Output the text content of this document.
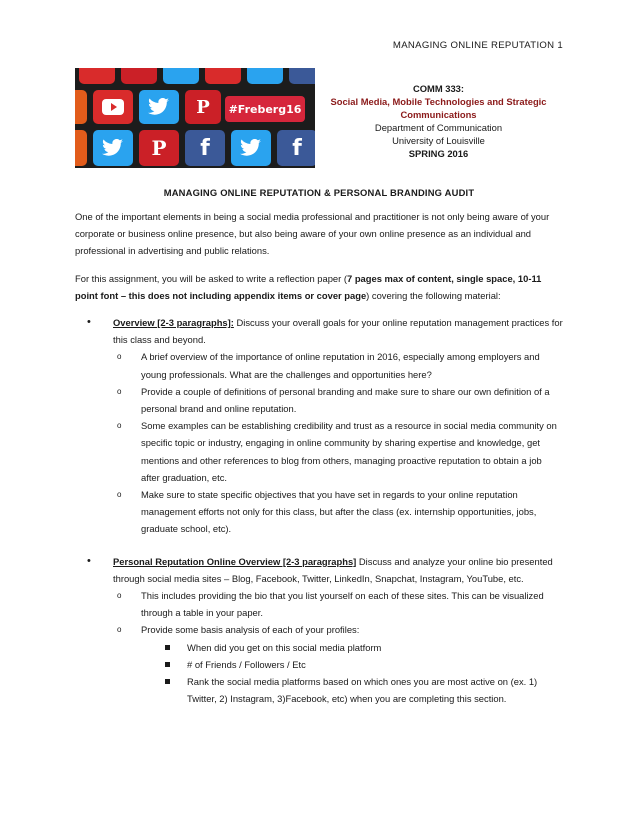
MANAGING ONLINE REPUTATION 1
P	#Freberg16
P f	f
COMM 333:
Social Media, Mobile Technologies and Strategic Communications
Department of Communication
University of Louisville
SPRING 2016
MANAGING ONLINE REPUTATION & PERSONAL BRANDING AUDIT

One of the important elements in being a social media professional and practitioner is not only being aware of your corporate or business online presence, but also being aware of your own online presence as an individual and professional in advertising and public relations.

For this assignment, you will be asked to write a reflection paper (7 pages max of content, single space, 10-11 point font – this does not including appendix items or cover page) covering the following material:

• Overview [2-3 paragraphs]: Discuss your overall goals for your online reputation management practices for this class and beyond.
o A brief overview of the importance of online reputation in 2016, especially among employers and young professionals. What are the challenges and opportunities here?
o Provide a couple of definitions of personal branding and make sure to share our own definition of a personal brand and online reputation.
o Some examples can be establishing credibility and trust as a resource in social media community on specific topic or industry, engaging in online community by sharing expertise and knowledge, get mentions and other references to blog from others, managing proactive reputation to obtain a job after graduation, etc.
o Make sure to state specific objectives that you have set in regards to your online reputation management efforts not only for this class, but after the class (ex. internship opportunities, jobs, graduate school, etc).
• Personal Reputation Online Overview [2-3 paragraphs] Discuss and analyze your online bio presented through social media sites – Blog, Facebook, Twitter, LinkedIn, Snapchat, Instagram, YouTube, etc.
o This includes providing the bio that you list yourself on each of these sites. This can be visualized through a table in your paper.
o Provide some basis analysis of each of your profiles:
When did you get on this social media platform
# of Friends / Followers / Etc
Rank the social media platforms based on which ones you are most active on (ex. 1) Twitter, 2) Instagram, 3)Facebook, etc) when you are completing this section.
